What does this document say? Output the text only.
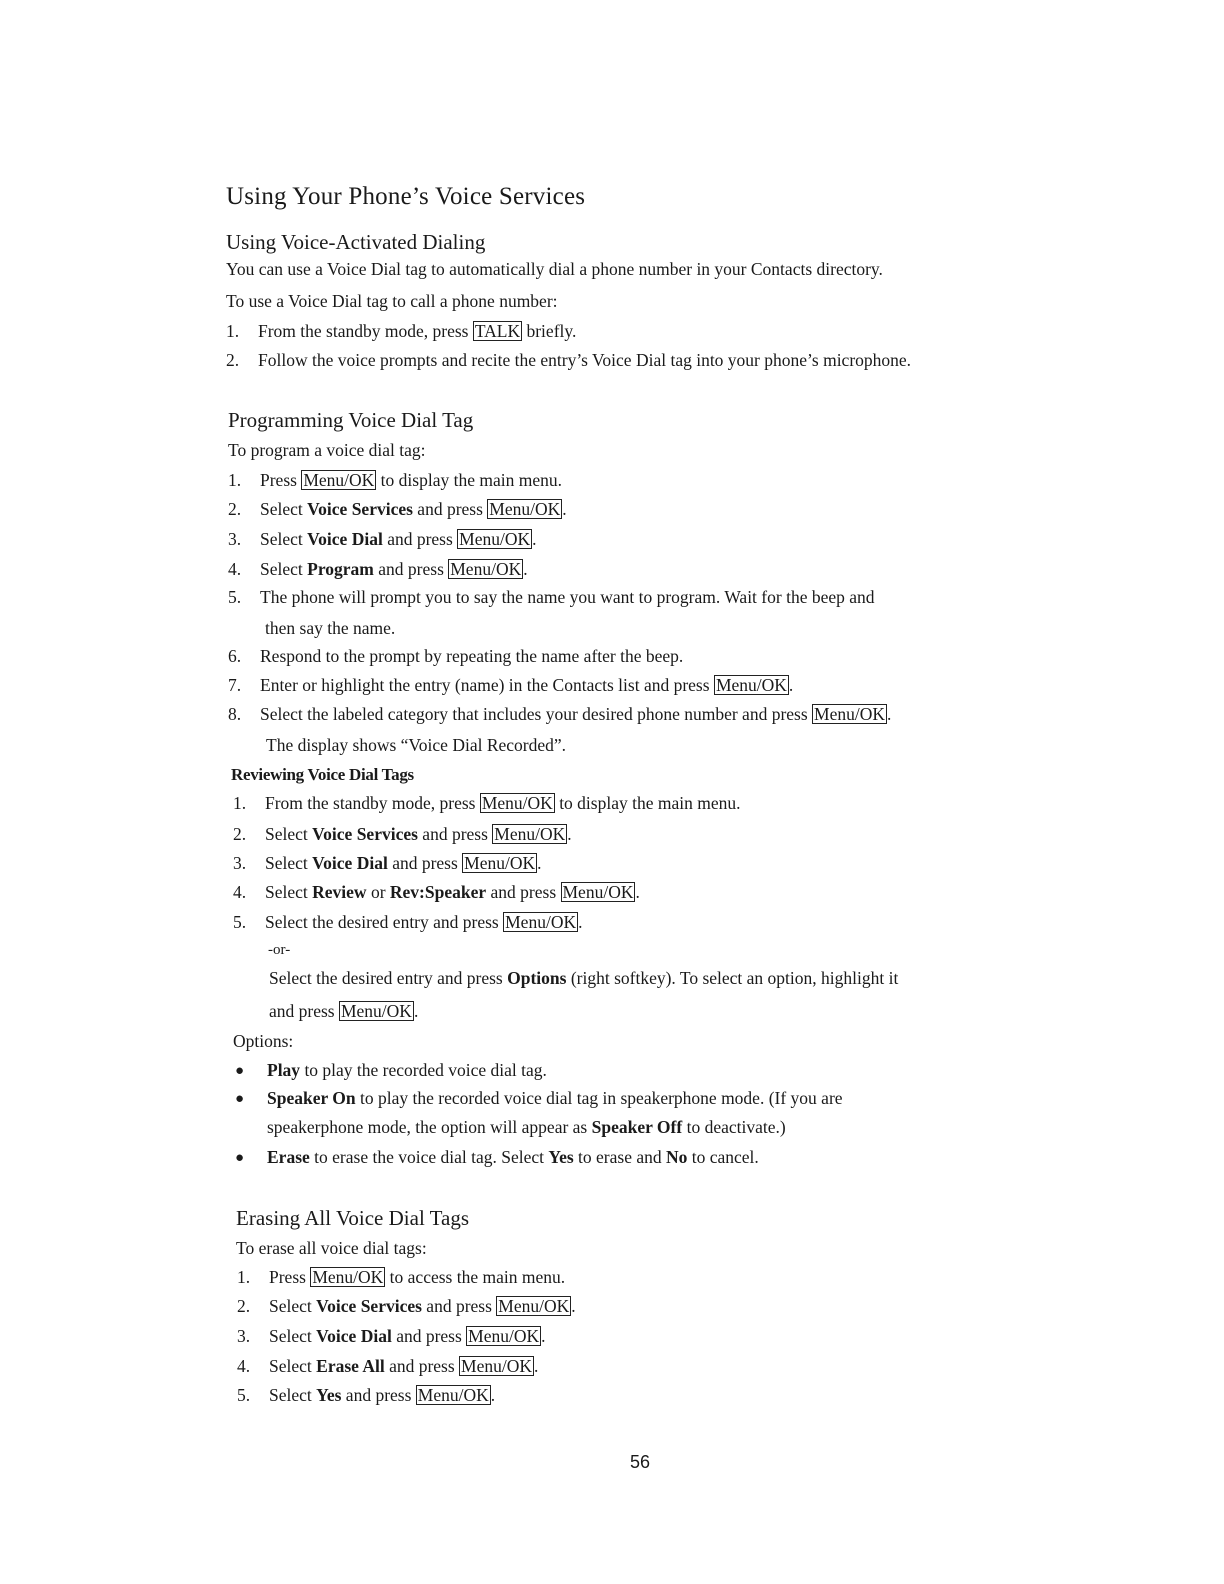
Using Your Phone’s Voice Services
Using Voice-Activated Dialing

You can use a Voice Dial tag to automatically dial a phone number in your Contacts directory.

To use a Voice Dial tag to call a phone number:

1. From the standby mode, press TALK briefly.

2. Follow the voice prompts and recite the entry’s Voice Dial tag into your phone’s microphone.

Programming Voice Dial Tag

To program a voice dial tag:

1. Press Menu/OK to display the main menu.

2. Select Voice Services and press Menu/OK .

3. Select Voice Dial and press Menu/OK .

4. Select Program and press Menu/OK .

5. The phone will prompt you to say the name you want to program. Wait for the beep and

then say the name.

6. Respond to the prompt by repeating the name after the beep.

7. Enter or highlight the entry (name) in the Contacts list and press Menu/OK .

8. Select the labeled category that includes your desired phone number and press Menu/OK .

The display shows “Voice Dial Recorded”.

Reviewing Voice Dial Tags

1. From the standby mode, press Menu/OK to display the main menu.

2. Select Voice Services and press Menu/OK .

3. Select Voice Dial and press Menu/OK .

4. Select Review or Rev:Speaker and press Menu/OK .

5. Select the desired entry and press Menu/OK .

-or-

Select the desired entry and press Options (right softkey). To select an option, highlight it

and press Menu/OK .

Options:

● Play to play the recorded voice dial tag.

● Speaker On to play the recorded voice dial tag in speakerphone mode. (If you are

speakerphone mode, the option will appear as Speaker Off to deactivate.)

● Erase to erase the voice dial tag. Select Yes to erase and No to cancel.

Erasing All Voice Dial Tags

To erase all voice dial tags:

1. Press Menu/OK to access the main menu.

2. Select Voice Services and press Menu/OK .

3. Select Voice Dial and press Menu/OK .

4. Select Erase All and press Menu/OK .

5. Select Yes and press Menu/OK .

56
